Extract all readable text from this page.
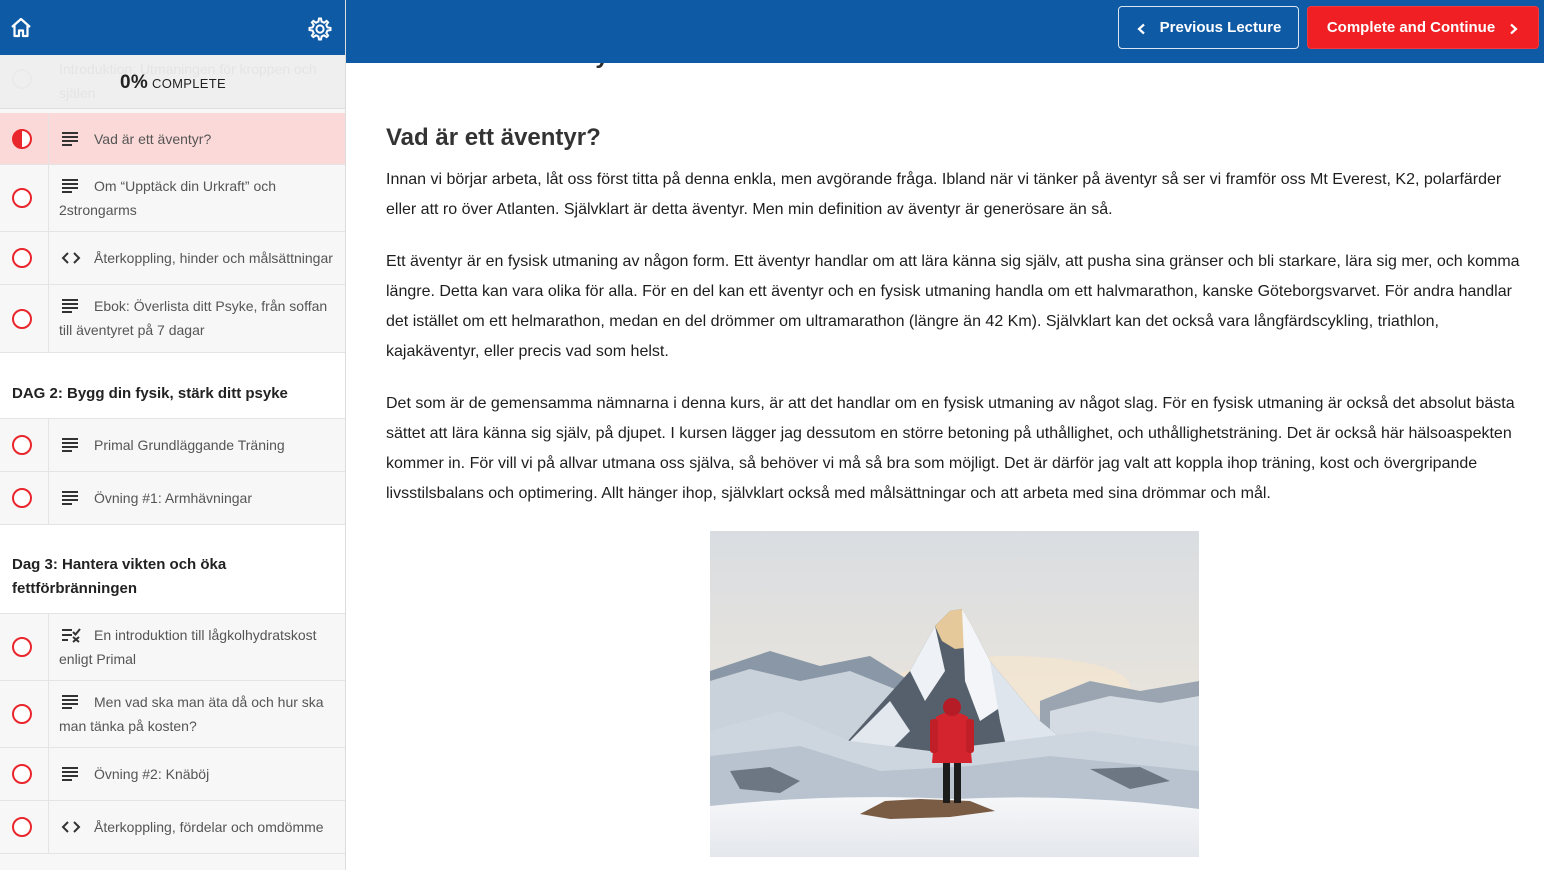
Vad är ett äventyr?
Om “Upptäck din Urkraft” och 2strongarms
Återkoppling, hinder och målsättningar
Ebok: Överlista ditt Psyke, från soffan till äventyret på 7 dagar
DAG 2: Bygg din fysik, stärk ditt psyke
Primal Grundläggande Träning
Övning #1: Armhävningar
Dag 3: Hantera vikten och öka fettförbränningen
En introduktion till lågkolhydratskost enligt Primal
Men vad ska man äta då och hur ska man tänka på kosten?
Övning #2: Knäböj
Återkoppling, fördelar och omdömme
0% COMPLETE
Vad är ett äventyr?

Innan vi börjar arbeta, låt oss först titta på denna enkla, men avgörande fråga. Ibland när vi tänker på äventyr så ser vi framför oss Mt Everest, K2, polarfärder eller att ro över Atlanten. Självklart är detta äventyr. Men min definition av äventyr är generösare än så.

Ett äventyr är en fysisk utmaning av någon form. Ett äventyr handlar om att lära känna sig själv, att pusha sina gränser och bli starkare, lära sig mer, och komma längre. Detta kan vara olika för alla. För en del kan ett äventyr och en fysisk utmaning handla om ett halvmarathon, kanske Göteborgsvarvet. För andra handlar det istället om ett helmarathon, medan en del drömmer om ultramarathon (längre än 42 Km). Självklart kan det också vara långfärdscykling, triathlon, kajakäventyr, eller precis vad som helst.

Det som är de gemensamma nämnarna i denna kurs, är att det handlar om en fysisk utmaning av något slag. För en fysisk utmaning är också det absolut bästa sättet att lära känna sig själv, på djupet. I kursen lägger jag dessutom en större betoning på uthållighet, och uthållighetsträning. Det är också här hälsoaspekten kommer in. För vill vi på allvar utmana oss själva, så behöver vi må så bra som möjligt. Det är därför jag valt att koppla ihop träning, kost och övergripande livsstilsbalans och optimering. Allt hänger ihop, självklart också med målsättningar och att arbeta med sina drömmar och mål.

Previous Lecture	Complete and Continue
